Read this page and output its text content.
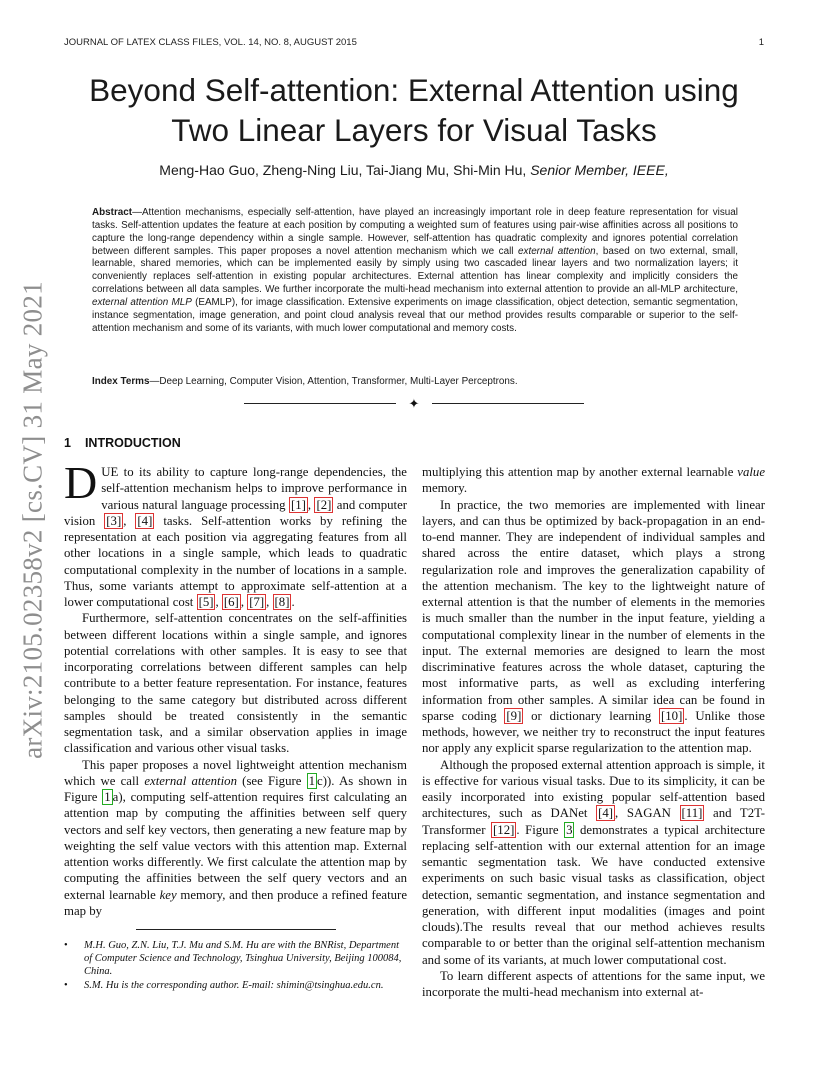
JOURNAL OF LATEX CLASS FILES, VOL. 14, NO. 8, AUGUST 2015	1
arXiv:2105.02358v2 [cs.CV] 31 May 2021
Beyond Self-attention: External Attention using Two Linear Layers for Visual Tasks
Meng-Hao Guo, Zheng-Ning Liu, Tai-Jiang Mu, Shi-Min Hu, Senior Member, IEEE,
Abstract—Attention mechanisms, especially self-attention, have played an increasingly important role in deep feature representation for visual tasks. Self-attention updates the feature at each position by computing a weighted sum of features using pair-wise affinities across all positions to capture the long-range dependency within a single sample. However, self-attention has quadratic complexity and ignores potential correlation between different samples. This paper proposes a novel attention mechanism which we call external attention, based on two external, small, learnable, shared memories, which can be implemented easily by simply using two cascaded linear layers and two normalization layers; it conveniently replaces self-attention in existing popular architectures. External attention has linear complexity and implicitly considers the correlations between all data samples. We further incorporate the multi-head mechanism into external attention to provide an all-MLP architecture, external attention MLP (EAMLP), for image classification. Extensive experiments on image classification, object detection, semantic segmentation, instance segmentation, image generation, and point cloud analysis reveal that our method provides results comparable or superior to the self-attention mechanism and some of its variants, with much lower computational and memory costs.
Index Terms—Deep Learning, Computer Vision, Attention, Transformer, Multi-Layer Perceptrons.
✦
1 INTRODUCTION

DUE to its ability to capture long-range dependencies, the self-attention mechanism helps to improve performance in various natural language processing [1] , [2] and computer vision [3] , [4] tasks. Self-attention works by refining the representation at each position via aggregating features from all other locations in a single sample, which leads to quadratic computational complexity in the number of locations in a sample. Thus, some variants attempt to approximate self-attention at a lower computational cost [5] , [6] , [7] , [8] .

Furthermore, self-attention concentrates on the self-affinities between different locations within a single sample, and ignores potential correlations with other samples. It is easy to see that incorporating correlations between different samples can help contribute to a better feature representation. For instance, features belonging to the same category but distributed across different samples should be treated consistently in the semantic segmentation task, and a similar observation applies in image classification and various other visual tasks.

This paper proposes a novel lightweight attention mechanism which we call external attention (see Figure 1 c)). As shown in Figure 1 a), computing self-attention requires first calculating an attention map by computing the affinities between self query vectors and self key vectors, then generating a new feature map by weighting the self value vectors with this attention map. External attention works differently. We first calculate the attention map by computing the affinities between the self query vectors and an external learnable key memory, and then produce a refined feature map by

• M.H. Guo, Z.N. Liu, T.J. Mu and S.M. Hu are with the BNRist, Department of Computer Science and Technology, Tsinghua University, Beijing 100084, China.
• S.M. Hu is the corresponding author. E-mail: shimin@tsinghua.edu.cn.

multiplying this attention map by another external learnable value memory.

In practice, the two memories are implemented with linear layers, and can thus be optimized by back-propagation in an end-to-end manner. They are independent of individual samples and shared across the entire dataset, which plays a strong regularization role and improves the generalization capability of the attention mechanism. The key to the lightweight nature of external attention is that the number of elements in the memories is much smaller than the number in the input feature, yielding a computational complexity linear in the number of elements in the input. The external memories are designed to learn the most discriminative features across the whole dataset, capturing the most informative parts, as well as excluding interfering information from other samples. A similar idea can be found in sparse coding [9] or dictionary learning [10] . Unlike those methods, however, we neither try to reconstruct the input features nor apply any explicit sparse regularization to the attention map.

Although the proposed external attention approach is simple, it is effective for various visual tasks. Due to its simplicity, it can be easily incorporated into existing popular self-attention based architectures, such as DANet [4] , SAGAN [11] and T2T-Transformer [12] . Figure 3 demonstrates a typical architecture replacing self-attention with our external attention for an image semantic segmentation task. We have conducted extensive experiments on such basic visual tasks as classification, object detection, semantic segmentation, and instance segmentation and generation, with different input modalities (images and point clouds).The results reveal that our method achieves results comparable to or better than the original self-attention mechanism and some of its variants, at much lower computational cost.

To learn different aspects of attentions for the same input, we incorporate the multi-head mechanism into external at-
